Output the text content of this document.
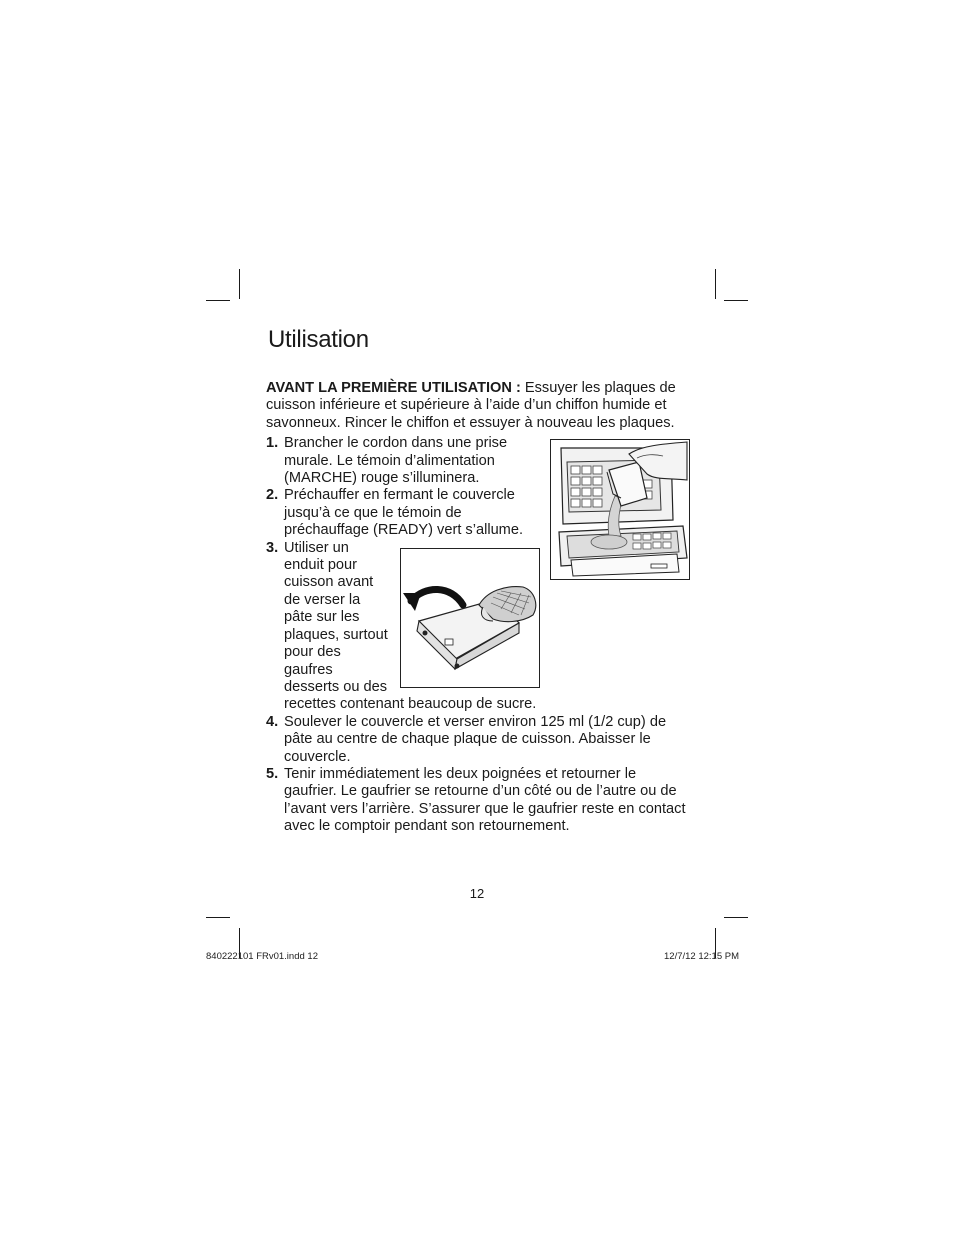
Utilisation

AVANT LA PREMIÈRE UTILISATION : Essuyer les plaques de cuisson inférieure et supérieure à l’aide d’un chiffon humide et savonneux. Rincer le chiffon et essuyer à nouveau les plaques.

1. Brancher le cordon dans une prise murale. Le témoin d’alimentation (MARCHE) rouge s’illuminera.
2. Préchauffer en fermant le couvercle jusqu’à ce que le témoin de préchauffage (READY) vert s’allume.
3. Utiliser un enduit pour cuisson avant de verser la pâte sur les plaques, surtout pour des gaufres desserts ou des recettes contenant beaucoup de sucre.
4. Soulever le couvercle et verser environ 125 ml (1/2 cup) de pâte au centre de chaque plaque de cuisson. Abaisser le couvercle.
5. Tenir immédiatement les deux poignées et retourner le gaufrier. Le gaufrier se retourne d’un côté ou de l’autre ou de l’avant vers l’arrière. S’assurer que le gaufrier reste en contact avec le comptoir pendant son retournement.
12
840222101 FRv01.indd 12	12/7/12 12:15 PM
